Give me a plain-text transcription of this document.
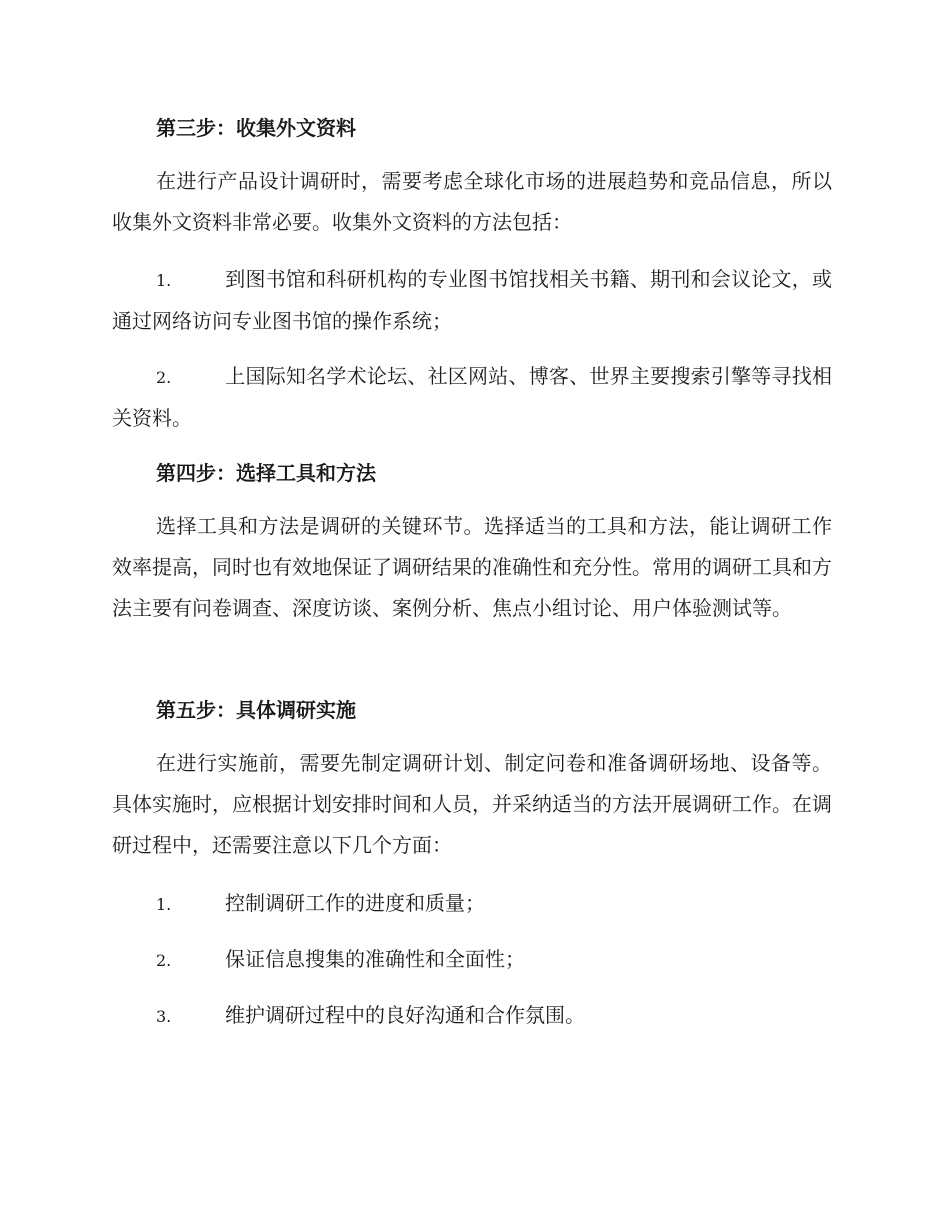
第三步：收集外文资料

在进行产品设计调研时，需要考虑全球化市场的进展趋势和竞品信息，所以收集外文资料非常必要。收集外文资料的方法包括：

1.	到图书馆和科研机构的专业图书馆找相关书籍、期刊和会议论文，或通过网络访问专业图书馆的操作系统；

2.	上国际知名学术论坛、社区网站、博客、世界主要搜索引擎等寻找相关资料。

第四步：选择工具和方法

选择工具和方法是调研的关键环节。选择适当的工具和方法，能让调研工作效率提高，同时也有效地保证了调研结果的准确性和充分性。常用的调研工具和方法主要有问卷调查、深度访谈、案例分析、焦点小组讨论、用户体验测试等。

第五步：具体调研实施

在进行实施前，需要先制定调研计划、制定问卷和准备调研场地、设备等。具体实施时，应根据计划安排时间和人员，并采纳适当的方法开展调研工作。在调研过程中，还需要注意以下几个方面：

1.	控制调研工作的进度和质量；

2.	保证信息搜集的准确性和全面性；

3.	维护调研过程中的良好沟通和合作氛围。
